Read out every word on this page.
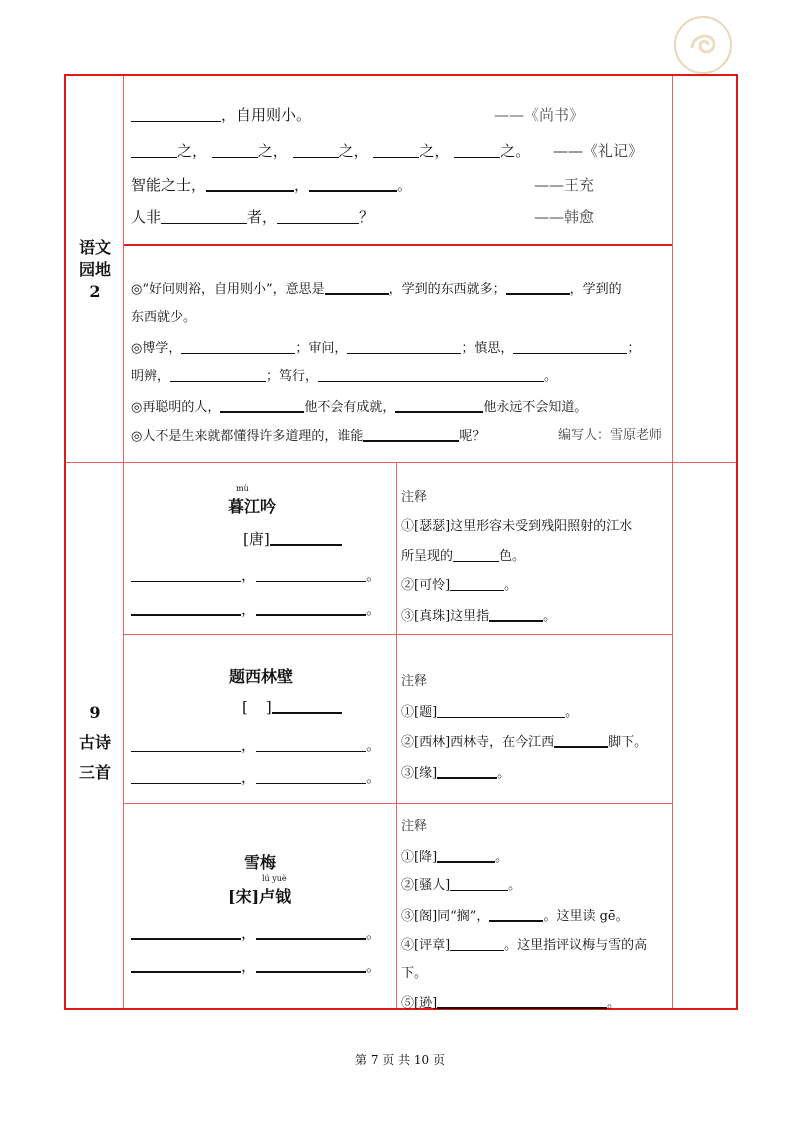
语文
园地
2
9
古诗
三首
，自用则小。	——《尚书》
之，	之，	之，	之，	之。 ——《礼记》
智能之士，	，	。	——王充
人非	者，	？	——韩愈
◎“好问则裕，自用则小”，意思是	，学到的东西就多；	，学到的
东西就少。
◎博学，	；审问，	；慎思，	；
明辨，	；笃行，	。
◎再聪明的人，	他不会有成就，	他永远不会知道。
◎人不是生来就都懂得许多道理的，谁能	呢？	编写人：雪原老师
mù
暮江吟
[唐]
，	。
，	。
注释
①[瑟瑟]这里形容未受到残阳照射的江水
所呈现的	色。
②[可怜]	。
③[真珠]这里指	。
题西林壁
[ ]
，	。
，	。
注释
①[题]	。
②[西林]西林寺，在今江西	脚下。
③[缘]	。
雪梅
lú yuè
[宋]卢钺
，	。
，	。
注释
①[降]	。
②[骚人]	。
③[阁]同“搁”，	。这里读 gē。
④[评章]	。这里指评议梅与雪的高
下。
⑤[逊]	。
第 7 页 共 10 页
